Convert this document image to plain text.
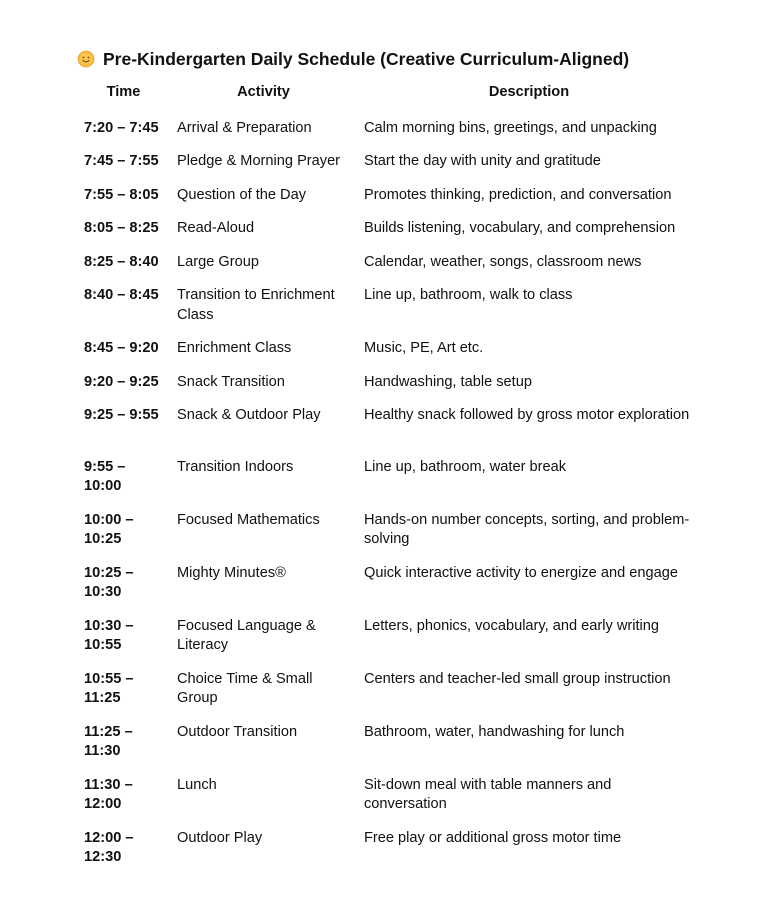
Pre-Kindergarten Daily Schedule (Creative Curriculum-Aligned)
Time	Activity	Description
7:20 – 7:45	Arrival & Preparation	Calm morning bins, greetings, and unpacking
7:45 – 7:55	Pledge & Morning Prayer	Start the day with unity and gratitude
7:55 – 8:05	Question of the Day	Promotes thinking, prediction, and conversation
8:05 – 8:25	Read-Aloud	Builds listening, vocabulary, and comprehension
8:25 – 8:40	Large Group	Calendar, weather, songs, classroom news
8:40 – 8:45	Transition to Enrichment Class	Line up, bathroom, walk to class
8:45 – 9:20	Enrichment Class	Music, PE, Art etc.
9:20 – 9:25	Snack Transition	Handwashing, table setup
9:25 – 9:55	Snack & Outdoor Play	Healthy snack followed by gross motor exploration
9:55 – 10:00	Transition Indoors	Line up, bathroom, water break
10:00 – 10:25	Focused Mathematics	Hands-on number concepts, sorting, and problem-solving
10:25 – 10:30	Mighty Minutes®	Quick interactive activity to energize and engage
10:30 – 10:55	Focused Language & Literacy	Letters, phonics, vocabulary, and early writing
10:55 – 11:25	Choice Time & Small Group	Centers and teacher-led small group instruction
11:25 – 11:30	Outdoor Transition	Bathroom, water, handwashing for lunch
11:30 – 12:00	Lunch	Sit-down meal with table manners and conversation
12:00 – 12:30	Outdoor Play	Free play or additional gross motor time
